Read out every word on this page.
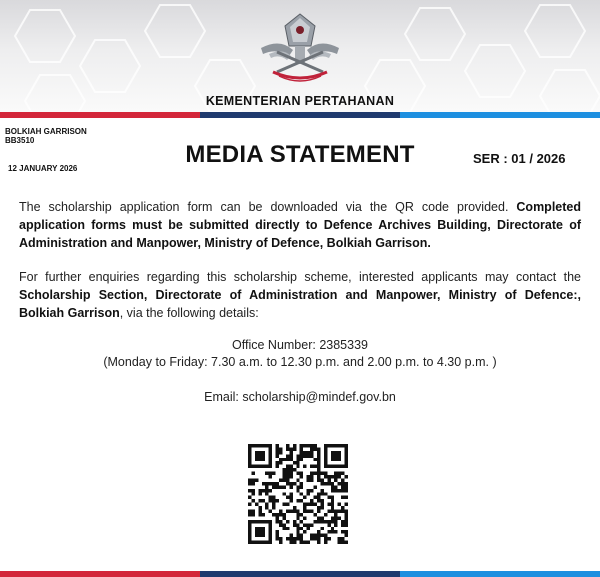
KEMENTERIAN PERTAHANAN
BOLKIAH GARRISON
BB3510
12 JANUARY 2026
MEDIA STATEMENT	SER : 01 / 2026
The scholarship application form can be downloaded via the QR code provided. Completed application forms must be submitted directly to Defence Archives Building, Directorate of Administration and Manpower, Ministry of Defence, Bolkiah Garrison.
For further enquiries regarding this scholarship scheme, interested applicants may contact the Scholarship Section, Directorate of Administration and Manpower, Ministry of Defence:, Bolkiah Garrison, via the following details:
Office Number: 2385339
(Monday to Friday: 7.30 a.m. to 12.30 p.m. and 2.00 p.m. to 4.30 p.m. )
Email: scholarship@mindef.gov.bn
